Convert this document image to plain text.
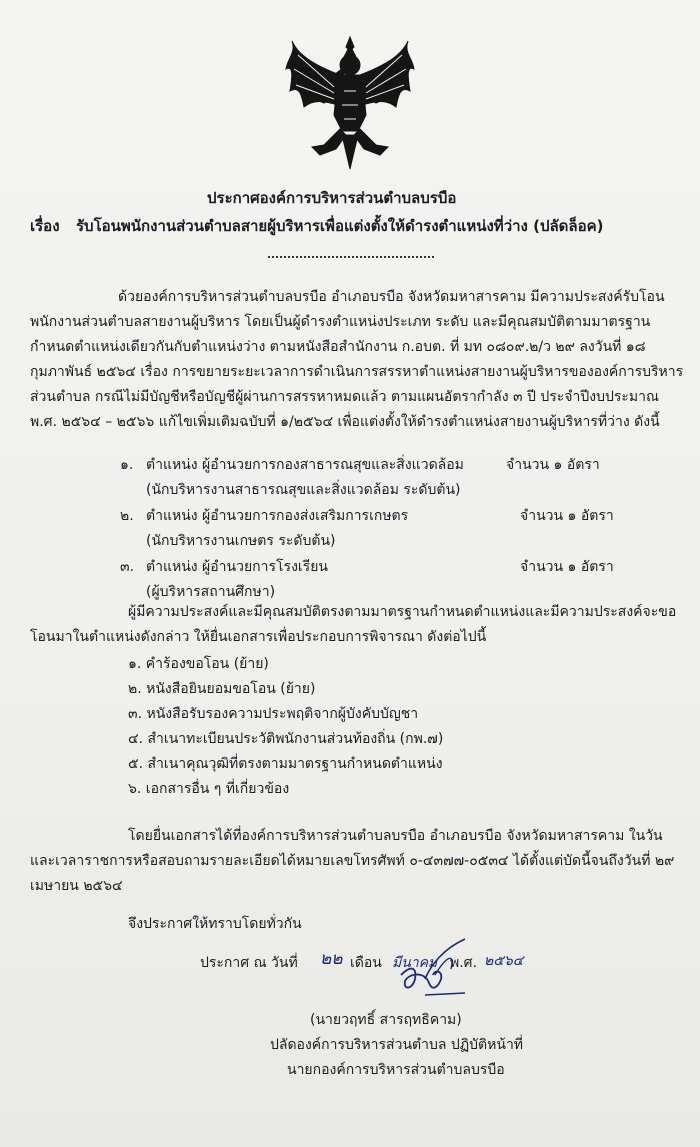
ประกาศองค์การบริหารส่วนตำบลบรบือ
เรื่อง รับโอนพนักงานส่วนตำบลสายผู้บริหารเพื่อแต่งตั้งให้ดำรงตำแหน่งที่ว่าง (ปลัดล็อค)
ด้วยองค์การบริหารส่วนตำบลบรบือ อำเภอบรบือ จังหวัดมหาสารคาม มีความประสงค์รับโอน
พนักงานส่วนตำบลสายงานผู้บริหาร โดยเป็นผู้ดำรงตำแหน่งประเภท ระดับ และมีคุณสมบัติตามมาตรฐาน
กำหนดตำแหน่งเดียวกันกับตำแหน่งว่าง ตามหนังสือสำนักงาน ก.อบต. ที่ มท ๐๘๐๙.๒/ว ๒๙ ลงวันที่ ๑๘
กุมภาพันธ์ ๒๕๖๔ เรื่อง การขยายระยะเวลาการดำเนินการสรรหาตำแหน่งสายงานผู้บริหารขององค์การบริหาร
ส่วนตำบล กรณีไม่มีบัญชีหรือบัญชีผู้ผ่านการสรรหาหมดแล้ว ตามแผนอัตรากำลัง ๓ ปี ประจำปีงบประมาณ
พ.ศ. ๒๕๖๔ – ๒๕๖๖ แก้ไขเพิ่มเติมฉบับที่ ๑/๒๕๖๔ เพื่อแต่งตั้งให้ดำรงตำแหน่งสายงานผู้บริหารที่ว่าง ดังนี้
๑. ตำแหน่ง ผู้อำนวยการกองสาธารณสุขและสิ่งแวดล้อม	จำนวน ๑ อัตรา
(นักบริหารงานสาธารณสุขและสิ่งแวดล้อม ระดับต้น)
๒. ตำแหน่ง ผู้อำนวยการกองส่งเสริมการเกษตร	จำนวน ๑ อัตรา
(นักบริหารงานเกษตร ระดับต้น)
๓. ตำแหน่ง ผู้อำนวยการโรงเรียน	จำนวน ๑ อัตรา
(ผู้บริหารสถานศึกษา)
ผู้มีความประสงค์และมีคุณสมบัติตรงตามมาตรฐานกำหนดตำแหน่งและมีความประสงค์จะขอ
โอนมาในตำแหน่งดังกล่าว ให้ยื่นเอกสารเพื่อประกอบการพิจารณา ดังต่อไปนี้
๑. คำร้องขอโอน (ย้าย)
๒. หนังสือยินยอมขอโอน (ย้าย)
๓. หนังสือรับรองความประพฤติจากผู้บังคับบัญชา
๔. สำเนาทะเบียนประวัติพนักงานส่วนท้องถิ่น (กพ.๗)
๕. สำเนาคุณวุฒิที่ตรงตามมาตรฐานกำหนดตำแหน่ง
๖. เอกสารอื่น ๆ ที่เกี่ยวข้อง
โดยยื่นเอกสารได้ที่องค์การบริหารส่วนตำบลบรบือ อำเภอบรบือ จังหวัดมหาสารคาม ในวัน
และเวลาราชการหรือสอบถามรายละเอียดได้หมายเลขโทรศัพท์ ๐-๔๓๗๗-๐๕๓๔ ได้ตั้งแต่บัดนี้จนถึงวันที่ ๒๙
เมษายน ๒๕๖๔
จึงประกาศให้ทราบโดยทั่วกัน
ประกาศ ณ วันที่ ๒๒ เดือน มีนาคม พ.ศ. ๒๕๖๔
(นายวฤทธิ์ สารฤทธิคาม)
ปลัดองค์การบริหารส่วนตำบล ปฏิบัติหน้าที่
นายกองค์การบริหารส่วนตำบลบรบือ
